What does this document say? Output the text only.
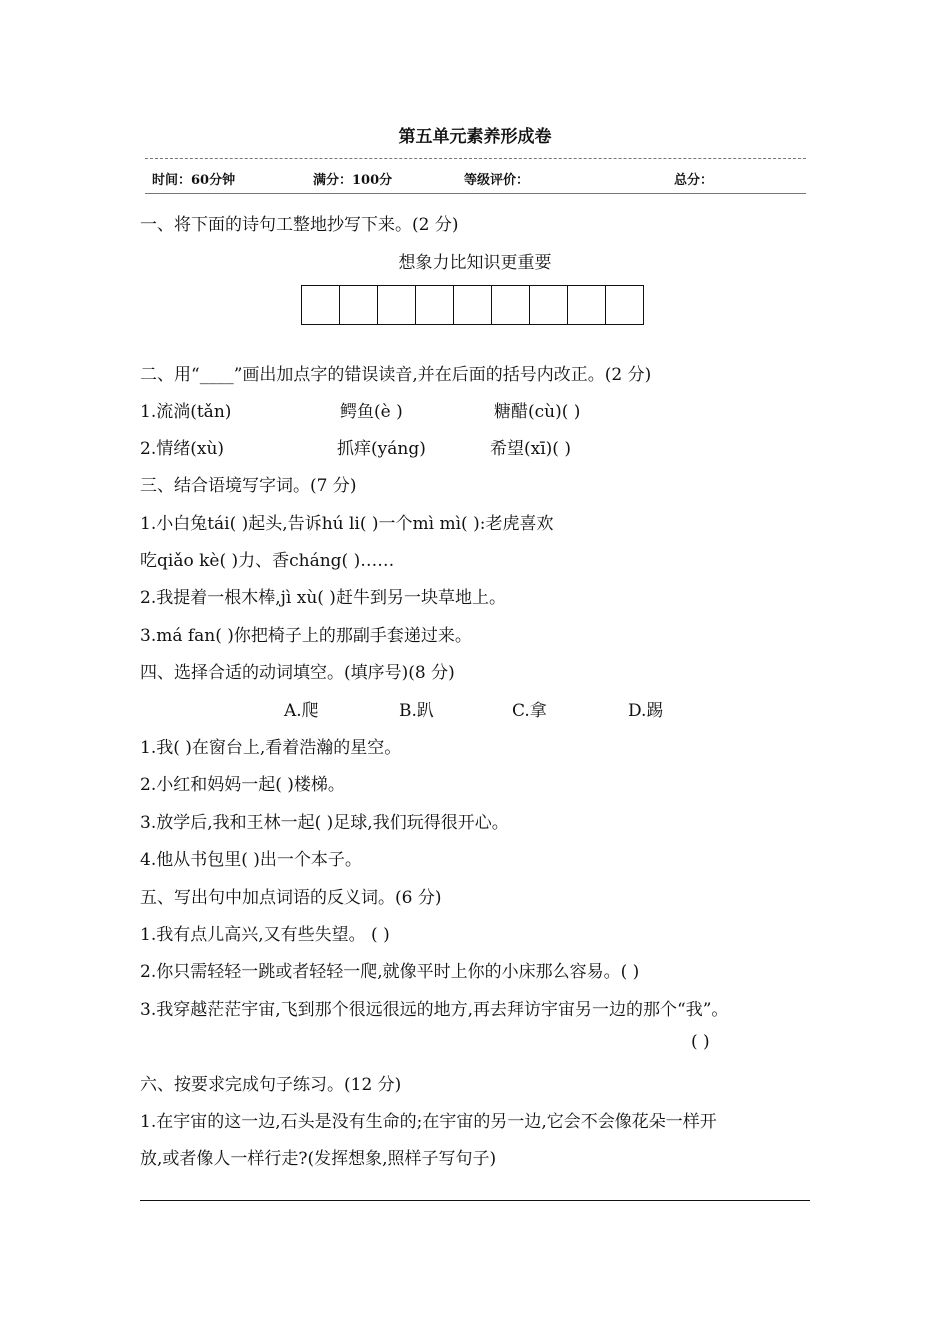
第五单元素养形成卷
时间：60分钟	满分：100分	等级评价：	总分：
一、将下面的诗句工整地抄写下来。(2 分)
想象力比知识更重要
二、用“____”画出加点字的错误读音,并在后面的括号内改正。(2 分)
1.流淌(tǎn)	鳄鱼(è )	糖醋(cù)( )
2.情绪(xù)	抓痒(yáng)	希望(xī)( )
三、结合语境写字词。(7 分)
1.小白兔tái( )起头,告诉hú li( )一个mì mì( ):老虎喜欢
吃qiǎo kè( )力、香cháng( )……
2.我提着一根木棒,jì xù( )赶牛到另一块草地上。
3.má fan( )你把椅子上的那副手套递过来。
四、选择合适的动词填空。(填序号)(8 分)
A.爬	B.趴	C.拿	D.踢
1.我( )在窗台上,看着浩瀚的星空。
2.小红和妈妈一起( )楼梯。
3.放学后,我和王林一起( )足球,我们玩得很开心。
4.他从书包里( )出一个本子。
五、写出句中加点词语的反义词。(6 分)
1.我有点儿高兴,又有些失望。 ( )
2.你只需轻轻一跳或者轻轻一爬,就像平时上你的小床那么容易。( )
3.我穿越茫茫宇宙,飞到那个很远很远的地方,再去拜访宇宙另一边的那个“我”。
( )
六、按要求完成句子练习。(12 分)
1.在宇宙的这一边,石头是没有生命的;在宇宙的另一边,它会不会像花朵一样开
放,或者像人一样行走?(发挥想象,照样子写句子)
